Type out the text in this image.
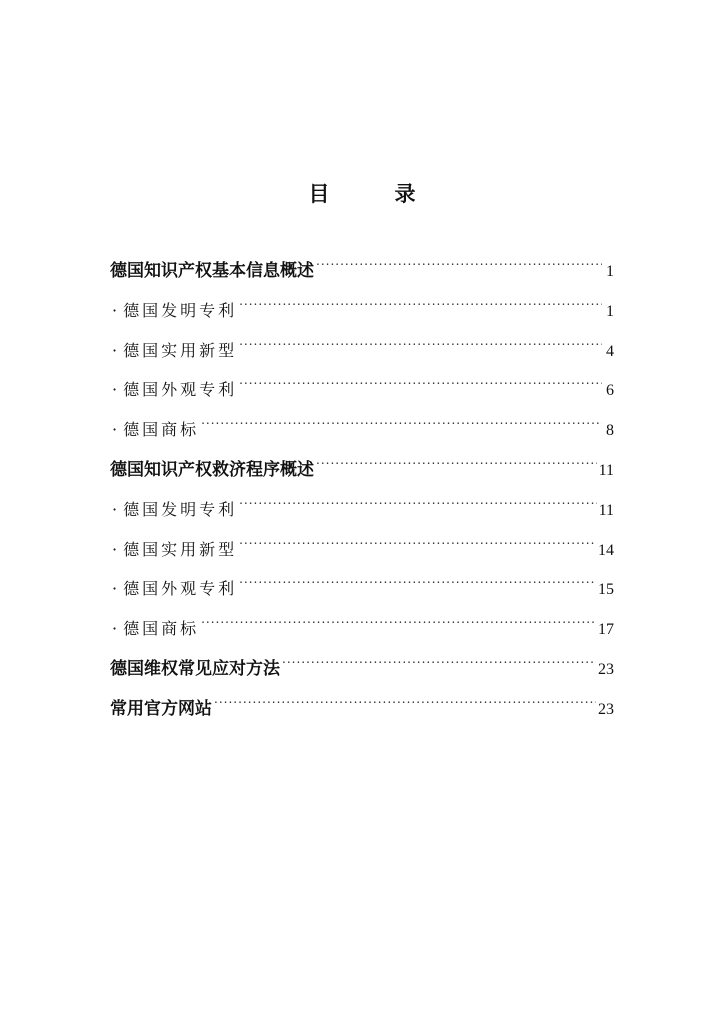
目　录
德国知识产权基本信息概述 .....	1
· 德国发明专利 .....	1
· 德国实用新型 .....	4
· 德国外观专利 .....	6
· 德国商标 .....	8
德国知识产权救济程序概述 .....	11
· 德国发明专利 .....	11
· 德国实用新型 .....	14
· 德国外观专利 .....	15
· 德国商标 .....	17
德国维权常见应对方法 .....	23
常用官方网站 .....	23
